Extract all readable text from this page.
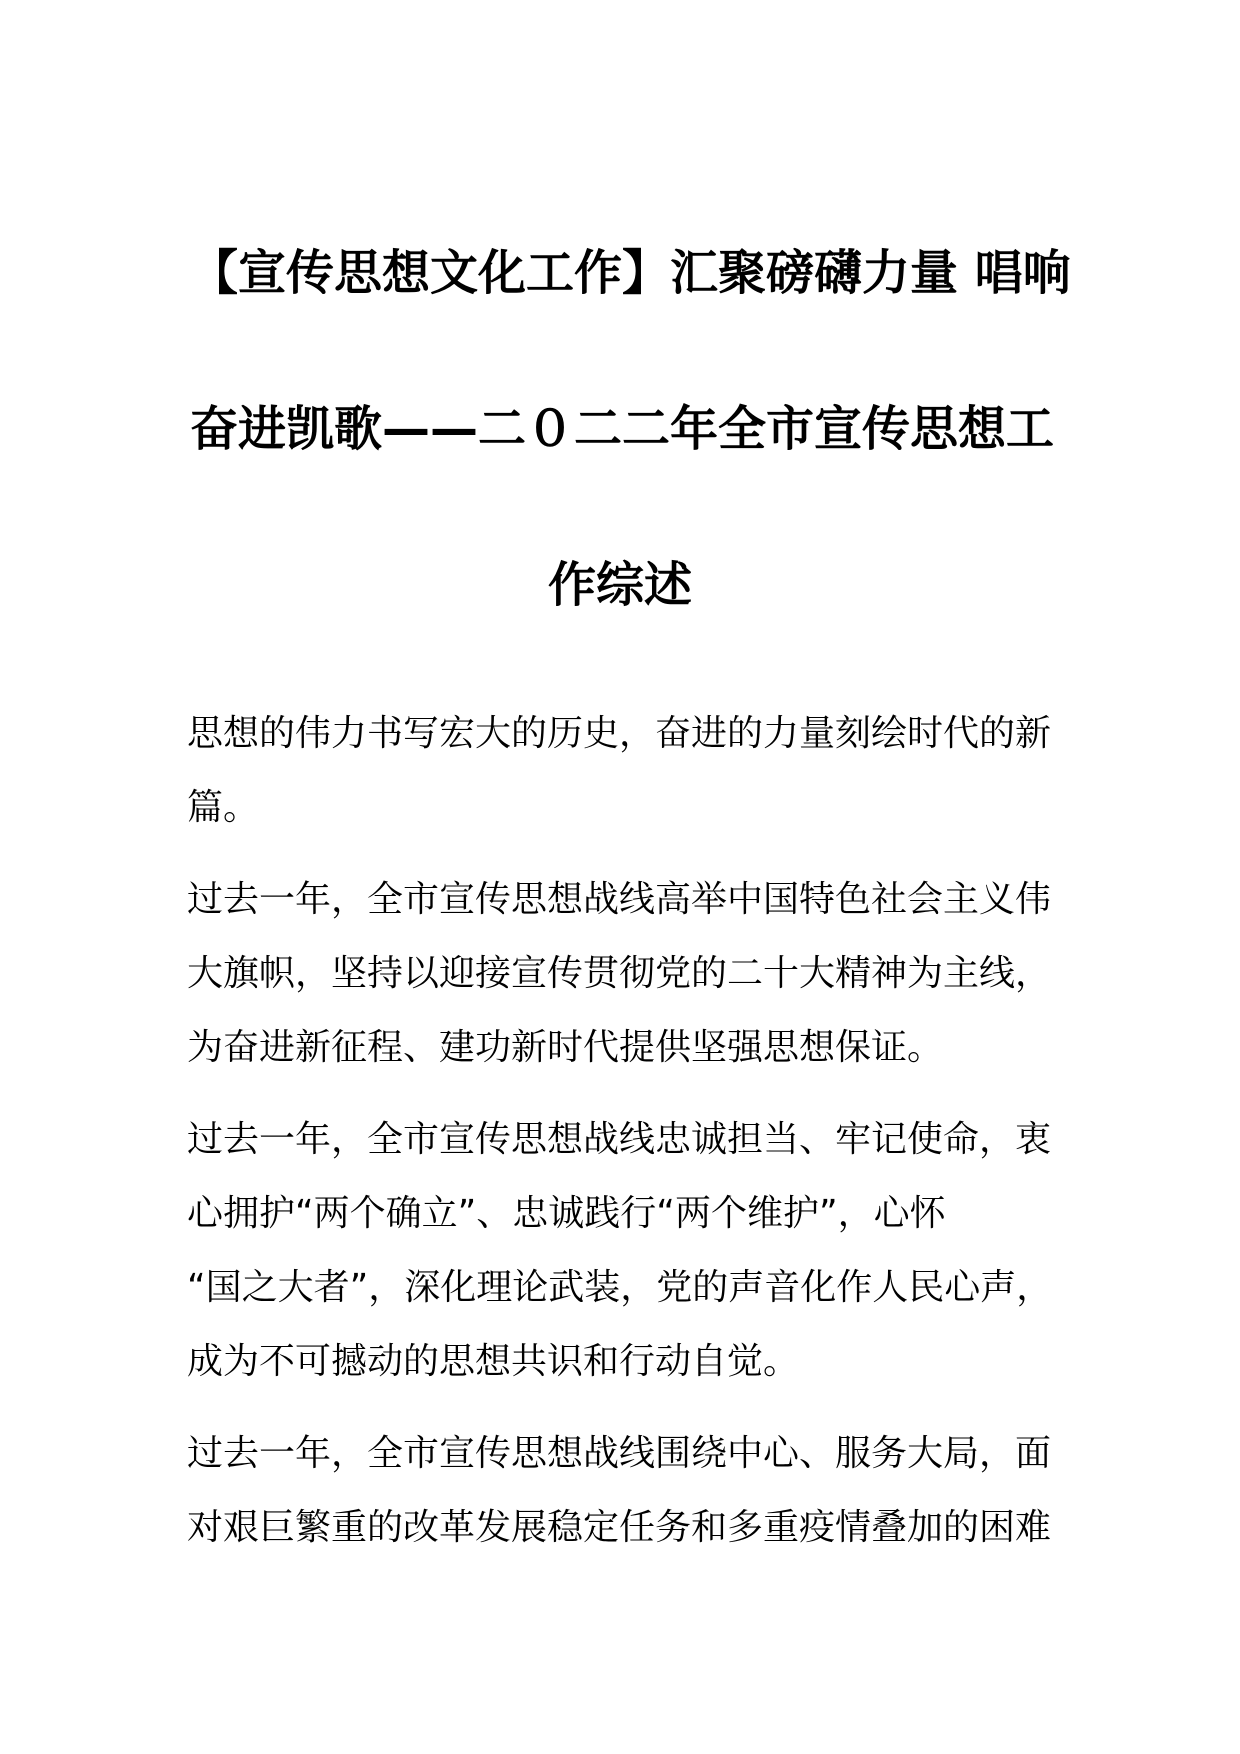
【宣传思想文化工作】汇聚磅礴力量 唱响
奋进凯歌——二０二二年全市宣传思想工
作综述

思想的伟力书写宏大的历史，奋进的力量刻绘时代的新
篇。

过去一年，全市宣传思想战线高举中国特色社会主义伟
大旗帜，坚持以迎接宣传贯彻党的二十大精神为主线，
为奋进新征程、建功新时代提供坚强思想保证。

过去一年，全市宣传思想战线忠诚担当、牢记使命，衷
心拥护“两个确立”、忠诚践行“两个维护”，心怀
“国之大者”，深化理论武装，党的声音化作人民心声，
成为不可撼动的思想共识和行动自觉。

过去一年，全市宣传思想战线围绕中心、服务大局，面
对艰巨繁重的改革发展稳定任务和多重疫情叠加的困难
